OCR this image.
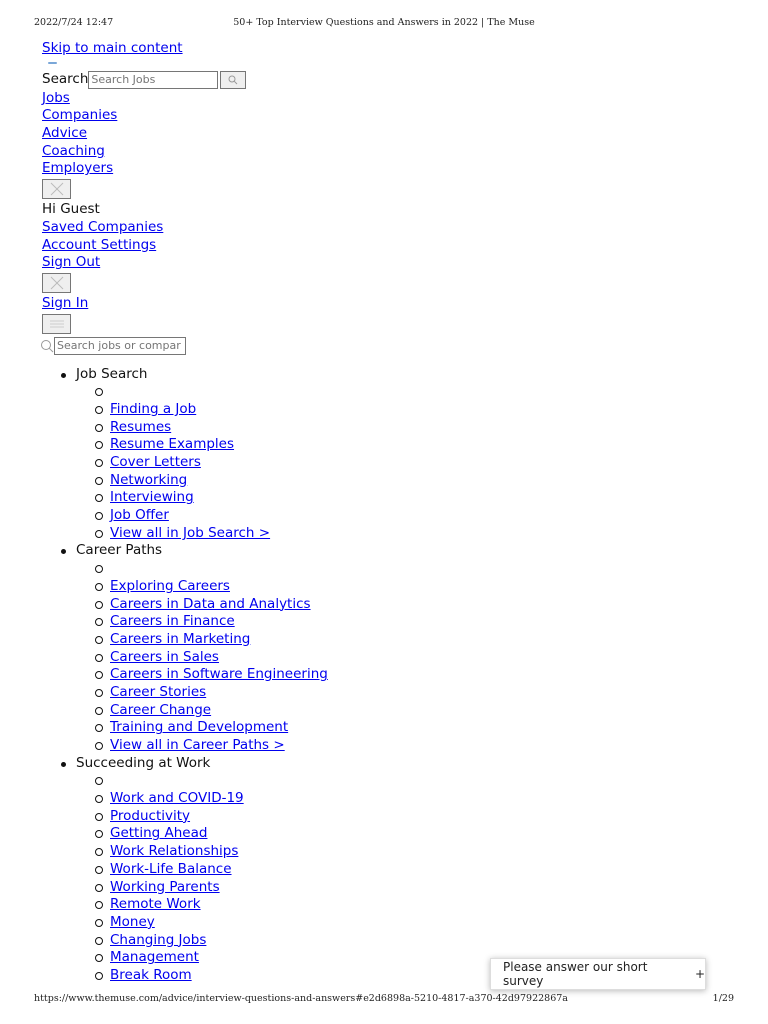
2022/7/24 12:47	50+ Top Interview Questions and Answers in 2022 | The Muse
Skip to main content
Search
Search Jobs
Jobs
Companies
Advice
Coaching
Employers
Hi Guest
Saved Companies
Account Settings
Sign Out
Sign In
Search jobs or compar
Job Search
Finding a Job
Resumes
Resume Examples
Cover Letters
Networking
Interviewing
Job Offer
View all in Job Search >
Career Paths
Exploring Careers
Careers in Data and Analytics
Careers in Finance
Careers in Marketing
Careers in Sales
Careers in Software Engineering
Career Stories
Career Change
Training and Development
View all in Career Paths >
Succeeding at Work
Work and COVID-19
Productivity
Getting Ahead
Work Relationships
Work-Life Balance
Working Parents
Remote Work
Money
Changing Jobs
Management
Break Room	Please answer our short survey	+
https://www.themuse.com/advice/interview-questions-and-answers#e2d6898a-5210-4817-a370-42d97922867a	1/29
